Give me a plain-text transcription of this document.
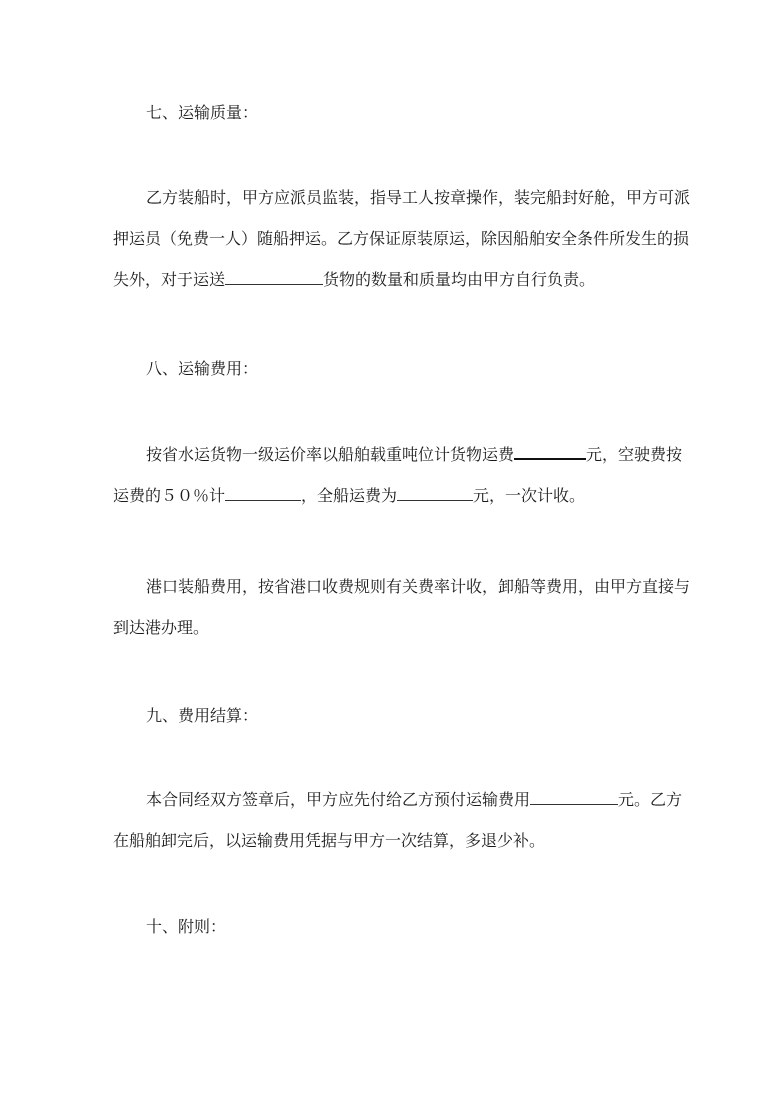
七、运输质量：
乙方装船时，甲方应派员监装，指导工人按章操作，装完船封好舱，甲方可派
押运员（免费一人）随船押运。乙方保证原装原运，除因船舶安全条件所发生的损
失外，对于运送	货物的数量和质量均由甲方自行负责。
八、运输费用：
按省水运货物一级运价率以船舶载重吨位计货物运费	元，空驶费按
运费的５０％计	，全船运费为	元，一次计收。
港口装船费用，按省港口收费规则有关费率计收，卸船等费用，由甲方直接与
到达港办理。
九、费用结算：
本合同经双方签章后，甲方应先付给乙方预付运输费用	元。乙方
在船舶卸完后，以运输费用凭据与甲方一次结算，多退少补。
十、附则：
